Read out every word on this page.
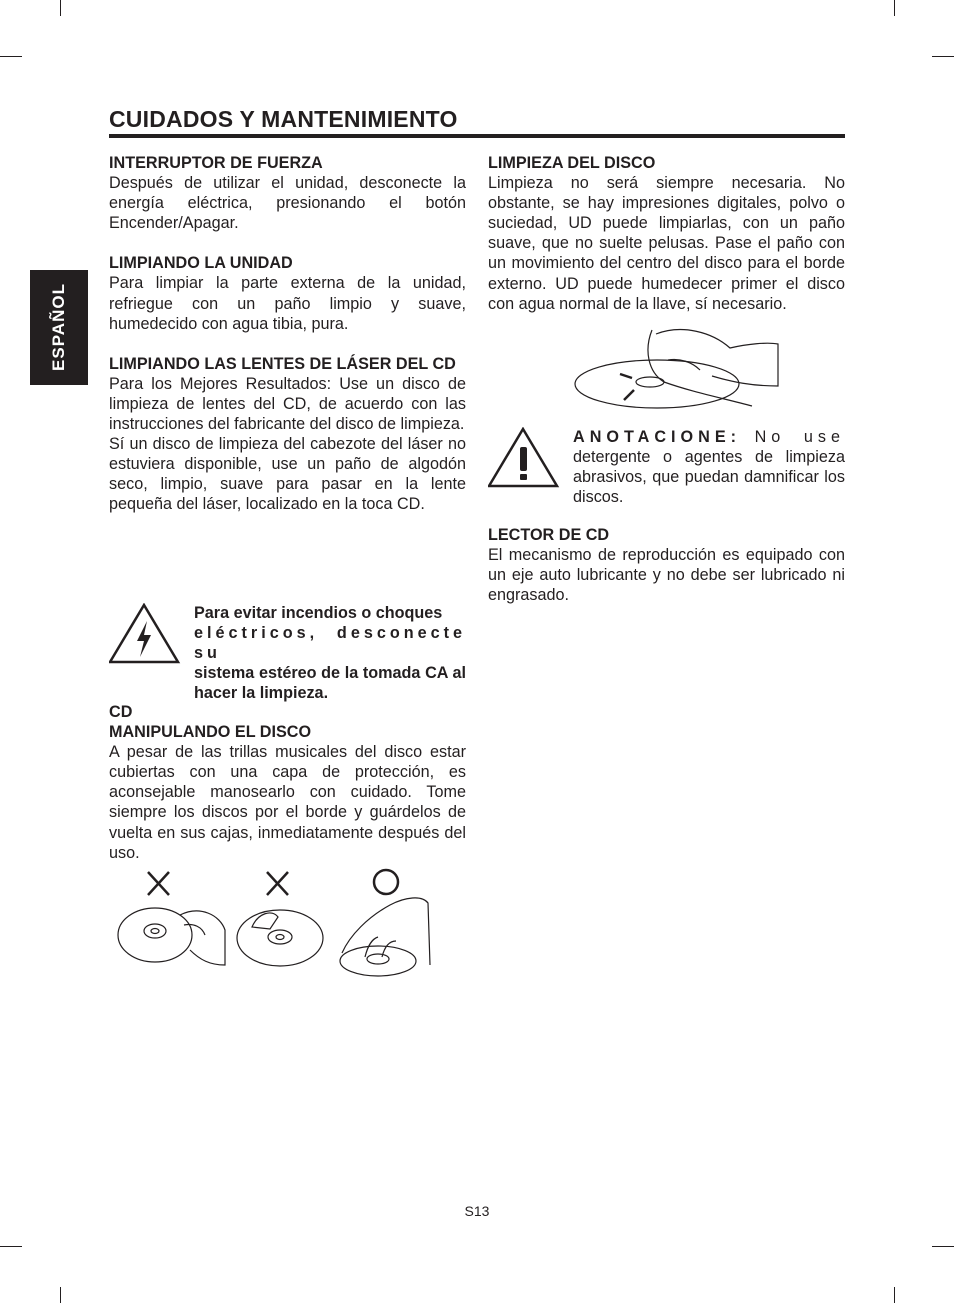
ESPAÑOL
CUIDADOS Y MANTENIMIENTO
INTERRUPTOR DE FUERZA

Después de utilizar el unidad, desconecte la energía eléctrica, presionando el botón Encender/Apagar.

LIMPIANDO LA UNIDAD

Para limpiar la parte externa de la unidad, refriegue con un paño limpio y suave, humedecido con agua tibia, pura.

LIMPIANDO LAS LENTES DE LÁSER DEL CD

Para los Mejores Resultados: Use un disco de limpieza de lentes del CD, de acuerdo con las instrucciones del fabricante del disco de limpieza.

Sí un disco de limpieza del cabezote del láser no estuviera disponible, use un paño de algodón seco, limpio, suave para pasar en la lente pequeña del láser, localizado en la toca CD.

Para evitar incendios o choques
eléctricos, desconecte su
sistema estéreo de la tomada CA al hacer la limpieza.
CD
MANIPULANDO EL DISCO

A pesar de las trillas musicales del disco estar cubiertas con una capa de protección, es aconsejable manosearlo con cuidado. Tome siempre los discos por el borde y guárdelos de vuelta en sus cajas, inmediatamente después del uso.

LIMPIEZA DEL DISCO

Limpieza no será siempre necesaria. No obstante, se hay impresiones digitales, polvo o suciedad, UD puede limpiarlas, con un paño suave, que no suelte pelusas. Pase el paño con un movimiento del centro del disco para el borde externo. UD puede humedecer primer el disco con agua normal de la llave, sí necesario.

ANOTACIONE: No use
detergente o agentes de limpieza abrasivos, que puedan damnificar los discos.
LECTOR DE CD

El mecanismo de reproducción es equipado con un eje auto lubricante y no debe ser lubricado ni engrasado.

S13
